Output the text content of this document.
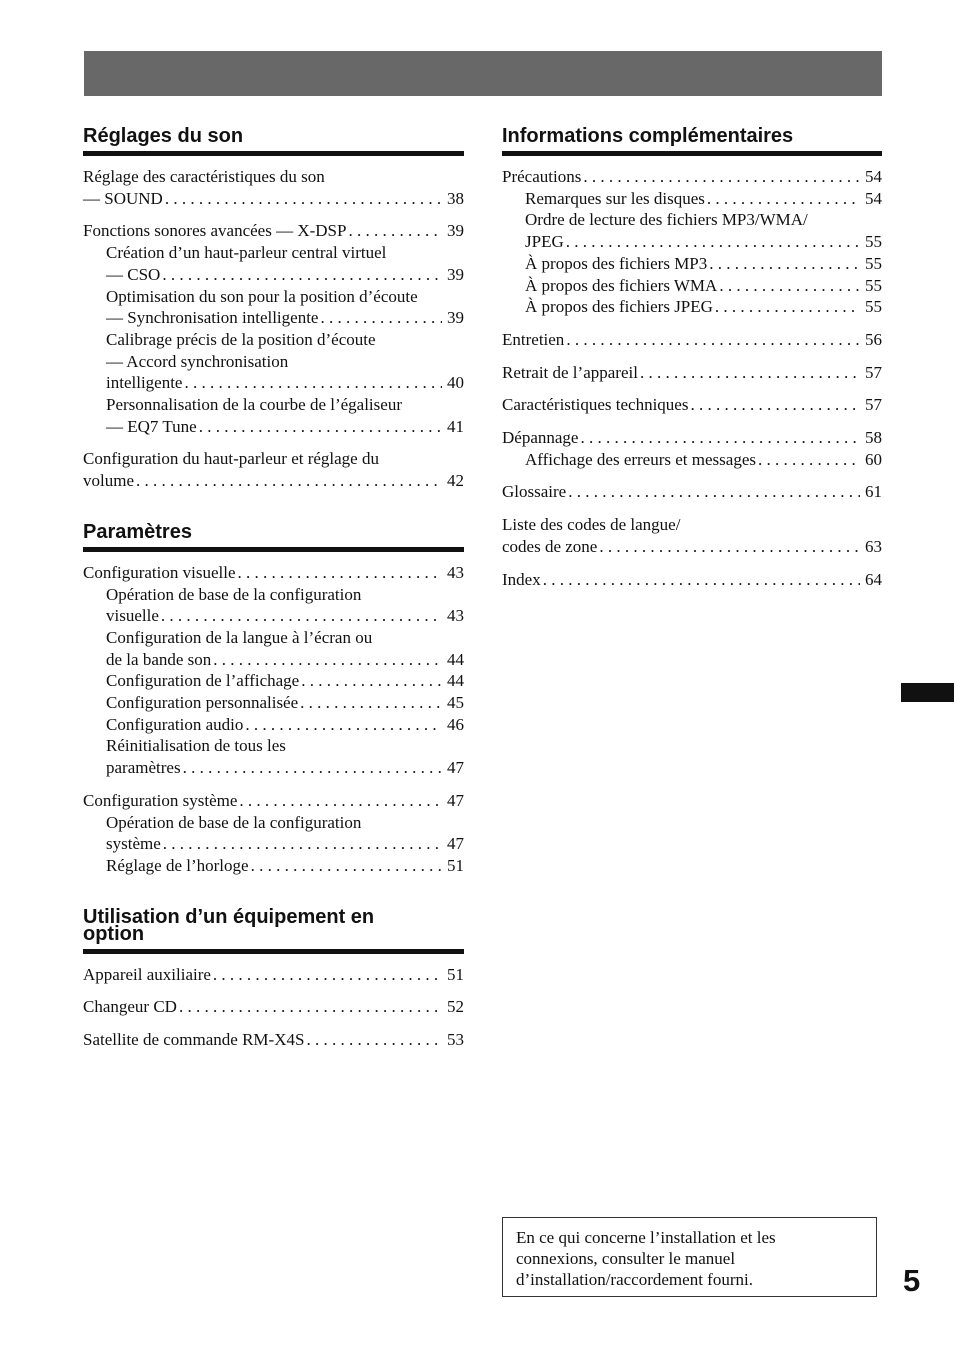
Réglages du son
Réglage des caractéristiques du son
— SOUND . . .	38
Fonctions sonores avancées — X-DSP . . .	39
Création d’un haut-parleur central virtuel
— CSO . . .	39
Optimisation du son pour la position d’écoute
— Synchronisation intelligente . . .	39
Calibrage précis de la position d’écoute
— Accord synchronisation
intelligente . . .	40
Personnalisation de la courbe de l’égaliseur
— EQ7 Tune . . .	41
Configuration du haut-parleur et réglage du
volume . . .	42
Paramètres
Configuration visuelle . . .	43
Opération de base de la configuration
visuelle . . .	43
Configuration de la langue à l’écran ou
de la bande son . . .	44
Configuration de l’affichage . . .	44
Configuration personnalisée . . .	45
Configuration audio . . .	46
Réinitialisation de tous les
paramètres . . .	47
Configuration système . . .	47
Opération de base de la configuration
système . . .	47
Réglage de l’horloge . . .	51
Utilisation d’un équipement en
option
Appareil auxiliaire . . .	51
Changeur CD . . .	52
Satellite de commande RM-X4S . . .	53
Informations complémentaires
Précautions . . .	54
Remarques sur les disques . . .	54
Ordre de lecture des fichiers MP3/WMA/
JPEG . . .	55
À propos des fichiers MP3 . . .	55
À propos des fichiers WMA . . .	55
À propos des fichiers JPEG . . .	55
Entretien . . .	56
Retrait de l’appareil . . .	57
Caractéristiques techniques . . .	57
Dépannage . . .	58
Affichage des erreurs et messages . . .	60
Glossaire . . .	61
Liste des codes de langue/
codes de zone . . .	63
Index . . .	64
En ce qui concerne l’installation et les
connexions, consulter le manuel
d’installation/raccordement fourni.	5
